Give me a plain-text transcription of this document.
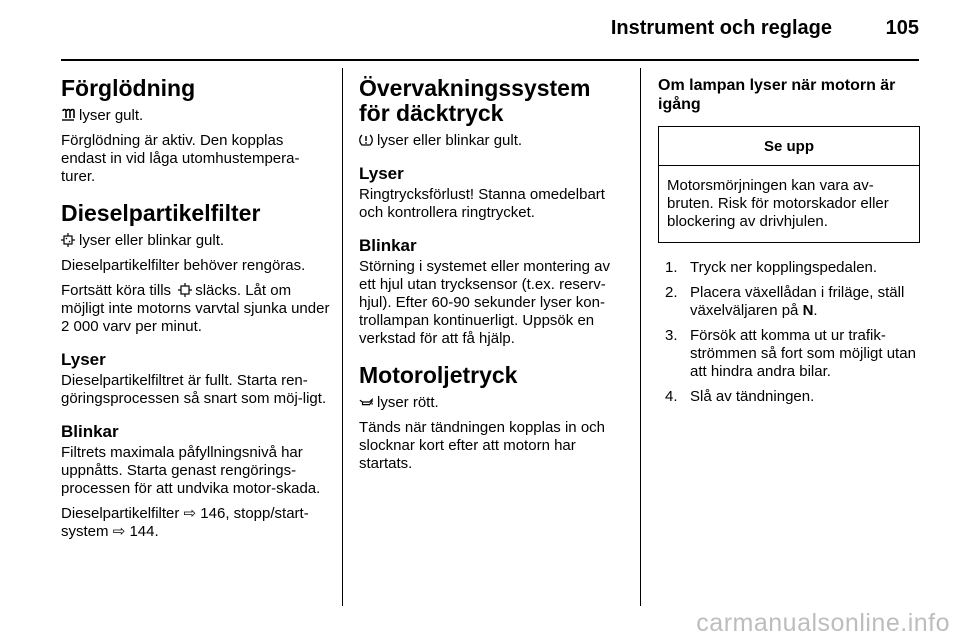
Instrument och reglage	105
Förglödning

lyser gult.

Förglödning är aktiv. Den kopplas endast in vid låga utomhustempera-turer.

Dieselpartikelfilter

lyser eller blinkar gult.

Dieselpartikelfilter behöver rengöras.

Fortsätt köra tills släcks. Låt om möjligt inte motorns varvtal sjunka under 2 000 varv per minut.

Lyser

Dieselpartikelfiltret är fullt. Starta ren-göringsprocessen så snart som möj-ligt.

Blinkar

Filtrets maximala påfyllningsnivå har uppnåtts. Starta genast rengörings-processen för att undvika motor-skada.

Dieselpartikelfilter ⇨ 146, stopp/start-system ⇨ 144.

Övervakningssystem för däcktryck

lyser eller blinkar gult.

Lyser

Ringtrycksförlust! Stanna omedelbart och kontrollera ringtrycket.

Blinkar

Störning i systemet eller montering av ett hjul utan trycksensor (t.ex. reserv-hjul). Efter 60-90 sekunder lyser kon-trollampan kontinuerligt. Uppsök en verkstad för att få hjälp.

Motoroljetryck

lyser rött.

Tänds när tändningen kopplas in och slocknar kort efter att motorn har startats.

Om lampan lyser när motorn är igång
Se upp
Motorsmörjningen kan vara av-bruten. Risk för motorskador eller blockering av drivhjulen.
1. Tryck ner kopplingspedalen.
2. Placera växellådan i friläge, ställ växelväljaren på N.
3. Försök att komma ut ur trafik-strömmen så fort som möjligt utan att hindra andra bilar.
4. Slå av tändningen.
carmanualsonline.info
